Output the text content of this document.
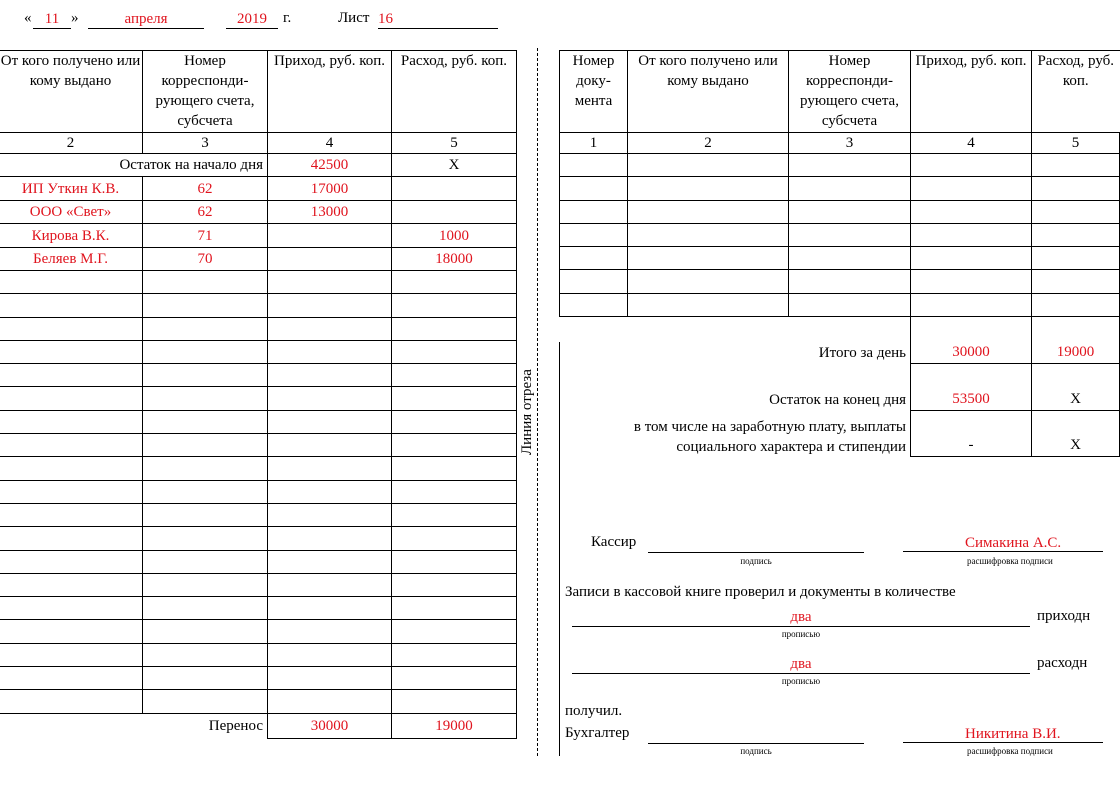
« 11 »	апреля	2019	г.	Лист 16
От кого получено или кому выдано	Номер корреспонди-рующего счета, субсчета	Приход, руб. коп.	Расход, руб. коп.
2	3	4	5
Остаток на начало дня		42500	Х
ИП Уткин К.В.	62	17000	
ООО «Свет»	62	13000	
Кирова В.К.	71		1000
Беляев М.Г.	70		18000

	Перенос	30000	19000
Линия отреза
Номер доку-мента	От кого получено или кому выдано	Номер корреспонди-рующего счета, субсчета	Приход, руб. коп.	Расход, руб. коп.
1	2	3	4	5

Итого за день			30000	19000
Остаток на конец дня			53500	Х

в том числе на заработную плату, выплаты
социального характера и стипендии			-	Х
Кассир
подпись
Симакина А.С.
расшифровка подписи
Записи в кассовой книге проверил и документы в количестве
два	приходн
прописью
два	расходн
прописью
получил.
Бухгалтер
подпись
Никитина В.И.
расшифровка подписи
